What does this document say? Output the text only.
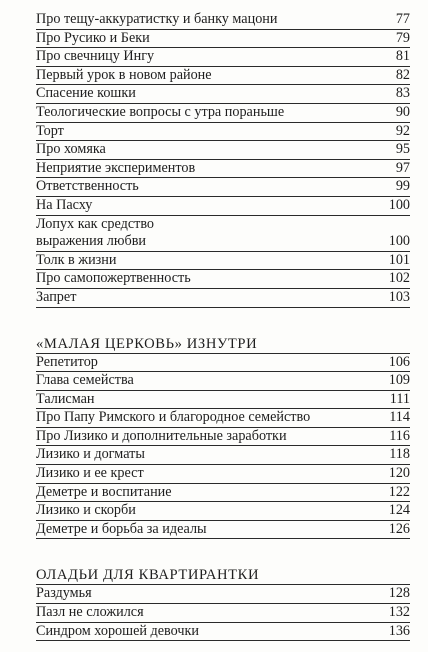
Про тещу-аккуратистку и банку мацони	77
Про Русико и Беки	79
Про свечницу Ингу	81
Первый урок в новом районе	82
Спасение кошки	83
Теологические вопросы с утра пораньше	90
Торт	92
Про хомяка	95
Неприятие экспериментов	97
Ответственность	99
На Пасху	100
Лопух как средство
выражения любви	100
Толк в жизни	101
Про самопожертвенность	102
Запрет	103
«МАЛАЯ ЦЕРКОВЬ» ИЗНУТРИ
Репетитор	106
Глава семейства	109
Талисман	111
Про Папу Римского и благородное семейство	114
Про Лизико и дополнительные заработки	116
Лизико и догматы	118
Лизико и ее крест	120
Деметре и воспитание	122
Лизико и скорби	124
Деметре и борьба за идеалы	126
ОЛАДЬИ ДЛЯ КВАРТИРАНТКИ
Раздумья	128
Пазл не сложился	132
Синдром хорошей девочки	136
